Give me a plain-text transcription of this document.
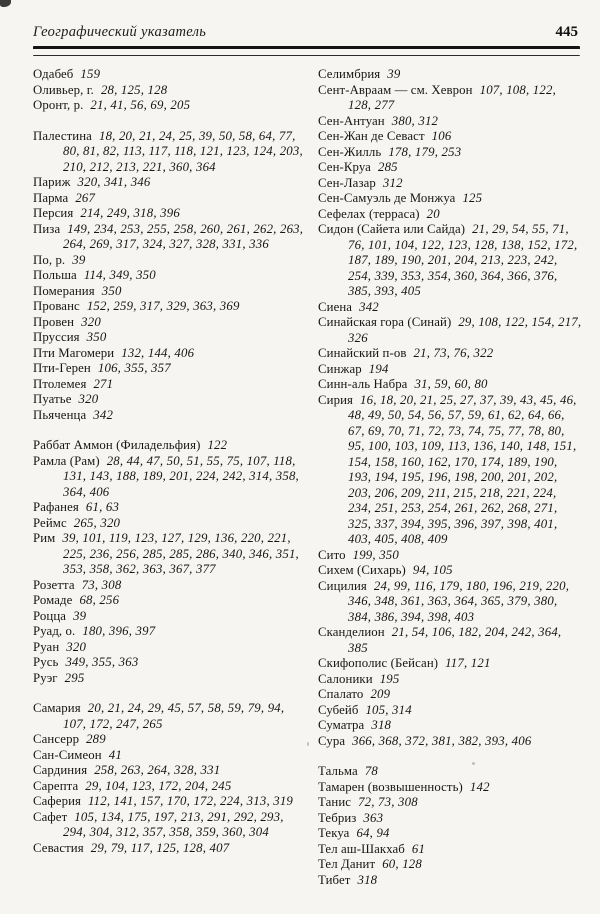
Географический указатель	445
Одабеб 159
Оливьер, г. 28, 125, 128
Оронт, р. 21, 41, 56, 69, 205
Палестина 18, 20, 21, 24, 25, 39, 50, 58, 64, 77, 80, 81, 82, 113, 117, 118, 121, 123, 124, 203, 210, 212, 213, 221, 360, 364
Париж 320, 341, 346
Парма 267
Персия 214, 249, 318, 396
Пиза 149, 234, 253, 255, 258, 260, 261, 262, 263, 264, 269, 317, 324, 327, 328, 331, 336
По, р. 39
Польша 114, 349, 350
Померания 350
Прованс 152, 259, 317, 329, 363, 369
Провен 320
Пруссия 350
Пти Магомери 132, 144, 406
Пти-Герен 106, 355, 357
Птолемея 271
Пуатье 320
Пьяченца 342
Раббат Аммон (Филадельфия) 122
Рамла (Рам) 28, 44, 47, 50, 51, 55, 75, 107, 118, 131, 143, 188, 189, 201, 224, 242, 314, 358, 364, 406
Рафанея 61, 63
Реймс 265, 320
Рим 39, 101, 119, 123, 127, 129, 136, 220, 221, 225, 236, 256, 285, 285, 286, 340, 346, 351, 353, 358, 362, 363, 367, 377
Розетта 73, 308
Ромаде 68, 256
Роцца 39
Руад, о. 180, 396, 397
Руан 320
Русь 349, 355, 363
Руэг 295
Самария 20, 21, 24, 29, 45, 57, 58, 59, 79, 94, 107, 172, 247, 265
Сансерр 289
Сан-Симеон 41
Сардиния 258, 263, 264, 328, 331
Сарепта 29, 104, 123, 172, 204, 245
Саферия 112, 141, 157, 170, 172, 224, 313, 319
Сафет 105, 134, 175, 197, 213, 291, 292, 293, 294, 304, 312, 357, 358, 359, 360, 304
Севастия 29, 79, 117, 125, 128, 407
Селимбрия 39
Сент-Авраам — см. Хеврон 107, 108, 122, 128, 277
Сен-Антуан 380, 312
Сен-Жан де Севаст 106
Сен-Жилль 178, 179, 253
Сен-Круа 285
Сен-Лазар 312
Сен-Самуэль де Монжуа 125
Сефелах (терраса) 20
Сидон (Сайета или Сайда) 21, 29, 54, 55, 71, 76, 101, 104, 122, 123, 128, 138, 152, 172, 187, 189, 190, 201, 204, 213, 223, 242, 254, 339, 353, 354, 360, 364, 366, 376, 385, 393, 405
Сиена 342
Синайская гора (Синай) 29, 108, 122, 154, 217, 326
Синайский п-ов 21, 73, 76, 322
Синжар 194
Синн-аль Набра 31, 59, 60, 80
Сирия 16, 18, 20, 21, 25, 27, 37, 39, 43, 45, 46, 48, 49, 50, 54, 56, 57, 59, 61, 62, 64, 66, 67, 69, 70, 71, 72, 73, 74, 75, 77, 78, 80, 95, 100, 103, 109, 113, 136, 140, 148, 151, 154, 158, 160, 162, 170, 174, 189, 190, 193, 194, 195, 196, 198, 200, 201, 202, 203, 206, 209, 211, 215, 218, 221, 224, 234, 251, 253, 254, 261, 262, 268, 271, 325, 337, 394, 395, 396, 397, 398, 401, 403, 405, 408, 409
Сито 199, 350
Сихем (Сихарь) 94, 105
Сицилия 24, 99, 116, 179, 180, 196, 219, 220, 346, 348, 361, 363, 364, 365, 379, 380, 384, 386, 394, 398, 403
Сканделион 21, 54, 106, 182, 204, 242, 364, 385
Скифополис (Бейсан) 117, 121
Салоники 195
Спалато 209
Субейб 105, 314
Суматра 318
Сура 366, 368, 372, 381, 382, 393, 406
Тальма 78
Тамарен (возвышенность) 142
Танис 72, 73, 308
Тебриз 363
Текуа 64, 94
Тел аш-Шакхаб 61
Тел Данит 60, 128
Тибет 318
